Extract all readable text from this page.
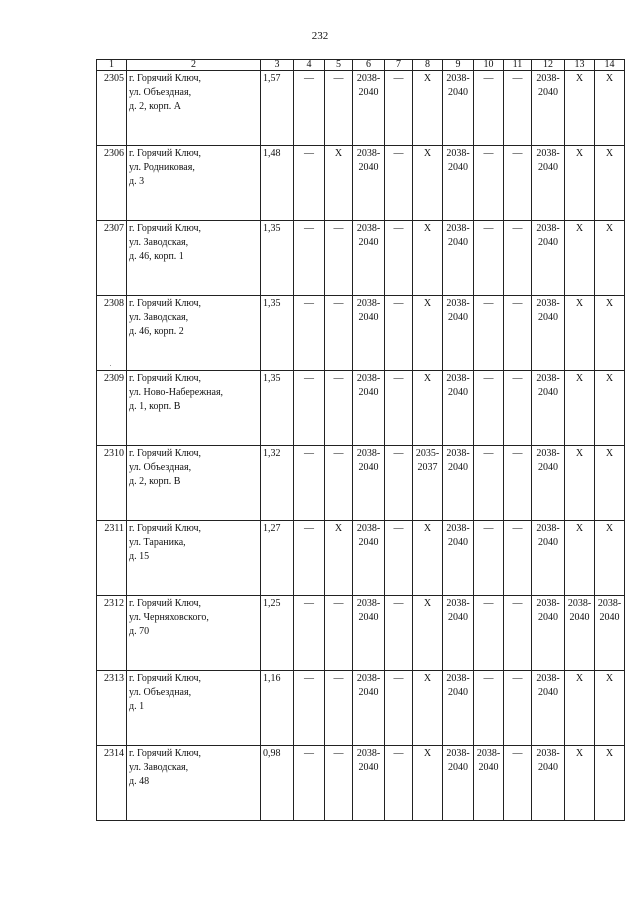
232
1	2	3	4	5	6	7	8	9	10	11	12	13	14
2305	г. Горячий Ключ,
ул. Объездная,
д. 2, корп. А	1,57	—	—	2038-
2040	—	X	2038-
2040	—	—	2038-
2040	X	X
2306	г. Горячий Ключ,
ул. Родниковая,
д. 3	1,48	—	X	2038-
2040	—	X	2038-
2040	—	—	2038-
2040	X	X
2307	г. Горячий Ключ,
ул. Заводская,
д. 46, корп. 1	1,35	—	—	2038-
2040	—	X	2038-
2040	—	—	2038-
2040	X	X
2308	г. Горячий Ключ,
ул. Заводская,
д. 46, корп. 2	1,35	—	—	2038-
2040	—	X	2038-
2040	—	—	2038-
2040	X	X
2309	г. Горячий Ключ,
ул. Ново-Набережная,
д. 1, корп. В	1,35	—	—	2038-
2040	—	X	2038-
2040	—	—	2038-
2040	X	X
2310	г. Горячий Ключ,
ул. Объездная,
д. 2, корп. В	1,32	—	—	2038-
2040	—	2035-
2037	2038-
2040	—	—	2038-
2040	X	X
2311	г. Горячий Ключ,
ул. Тараника,
д. 15	1,27	—	X	2038-
2040	—	X	2038-
2040	—	—	2038-
2040	X	X
2312	г. Горячий Ключ,
ул. Черняховского,
д. 70	1,25	—	—	2038-
2040	—	X	2038-
2040	—	—	2038-
2040	2038-
2040	2038-
2040
2313	г. Горячий Ключ,
ул. Объездная,
д. 1	1,16	—	—	2038-
2040	—	X	2038-
2040	—	—	2038-
2040	X	X
2314	г. Горячий Ключ,
ул. Заводская,
д. 48	0,98	—	—	2038-
2040	—	X	2038-
2040	2038-
2040	—	2038-
2040	X	X
